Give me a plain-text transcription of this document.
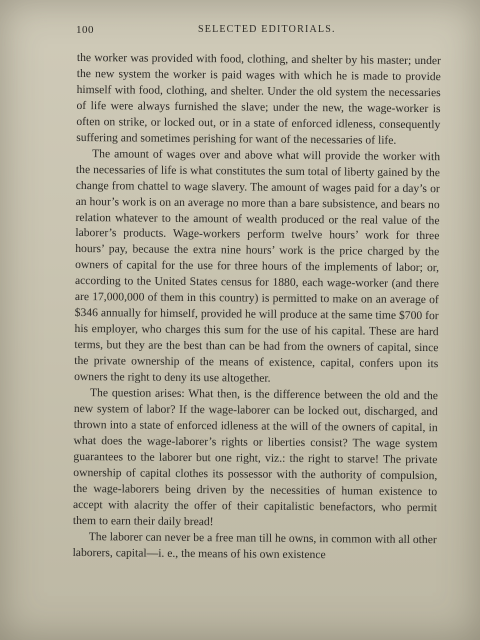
100	SELECTED EDITORIALS.

the worker was provided with food, clothing, and shelter by his master; under the new system the worker is paid wages with which he is made to provide himself with food, clothing, and shelter. Under the old system the necessaries of life were always furnished the slave; under the new, the wage-worker is often on strike, or locked out, or in a state of enforced idleness, consequently suffering and sometimes perishing for want of the necessaries of life.

The amount of wages over and above what will provide the worker with the necessaries of life is what constitutes the sum total of liberty gained by the change from chattel to wage slavery. The amount of wages paid for a day’s or an hour’s work is on an average no more than a bare subsistence, and bears no relation whatever to the amount of wealth produced or the real value of the laborer’s products. Wage-workers perform twelve hours’ work for three hours’ pay, because the extra nine hours’ work is the price charged by the owners of capital for the use for three hours of the implements of labor; or, according to the United States census for 1880, each wage-worker (and there are 17,000,000 of them in this country) is permitted to make on an average of $346 annually for himself, provided he will produce at the same time $700 for his employer, who charges this sum for the use of his capital. These are hard terms, but they are the best than can be had from the owners of capital, since the private ownership of the means of existence, capital, confers upon its owners the right to deny its use altogether.

The question arises: What then, is the difference between the old and the new system of labor? If the wage-laborer can be locked out, discharged, and thrown into a state of enforced idleness at the will of the owners of capital, in what does the wage-laborer’s rights or liberties consist? The wage system guarantees to the laborer but one right, viz.: the right to starve! The private ownership of capital clothes its possessor with the authority of compulsion, the wage-laborers being driven by the necessities of human existence to accept with alacrity the offer of their capitalistic benefactors, who permit them to earn their daily bread!

The laborer can never be a free man till he owns, in common with all other laborers, capital—i. e., the means of his own existence
